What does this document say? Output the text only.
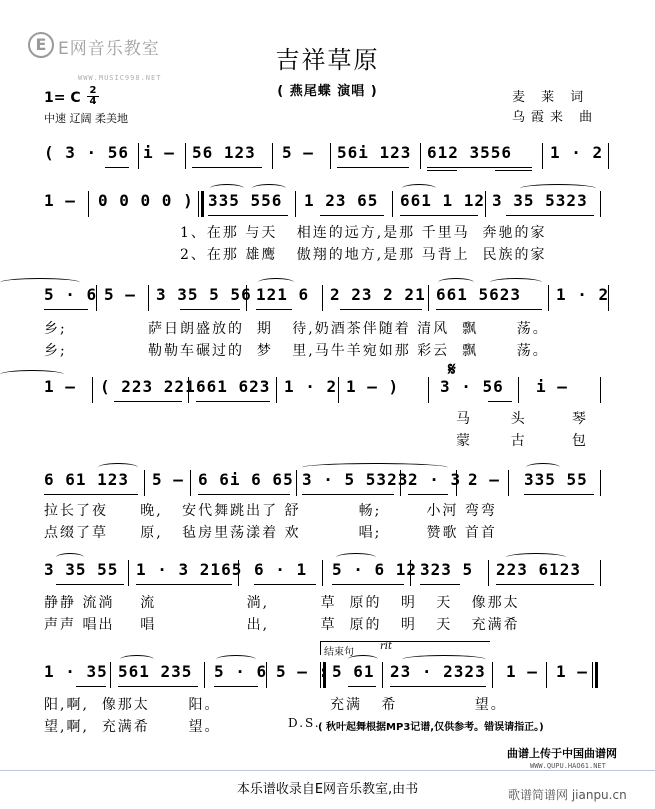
E E网音乐教室
WWW.MUSIC998.NET
吉祥草原
( 燕尾蝶 演唱 )
1= C 2
4
中速 辽阔 柔美地
麦 莱 词
乌霞来 曲
( 3 · 56 i – 56 123 5 – 56i 123 612 3556 1 · 2
1 – 0 0 0 0 ) 335 556 1 23 65 661 1 12 3 35 5323
1、在那 与天 相连的远方,是那 千里马 奔驰的家
2、在那 雄鹰 傲翔的地方,是那 马背上 民族的家
5 · 6 5 – 3 35 5 56 121 6 2 23 2 21 661 5623 1 · 2
乡;	萨日朗盛放的 期 待,奶酒茶伴随着 清风 飘	荡。
乡;	勒勒车碾过的 梦 里,马牛羊宛如那 彩云 飘	荡。
1 – ( 223 221 661 623 1 · 2 1 – )
𝄋
3 · 56 i –
马	头	琴
蒙	古	包
6 61 123 5 – 6 6i 6 65 3 · 5 5323 2 · 3 2 – 335 55
拉长了夜 晚, 安代舞跳出了 舒	畅;	小河 弯弯
点缀了草 原, 毡房里荡漾着 欢	唱;	赞歌 首首
3 35 55 1 · 3 2165 6 · 1 5 · 6 12 323 5 223 6123
静静 流淌 流	淌,	草 原的 明 天 像那太
声声 唱出 唱	出,	草 原的 明 天 充满希
结束句
rit
1 · 35 561 235 5 · 6 5 – : 5 61 23 · 2323 1 – 1 –
阳,啊, 像那太	阳。	充满 希	望。
望,啊, 充满希	望。	D.S.
( 秋叶起舞根据MP3记谱,仅供参考。错误请指正。)
本乐谱收录自E网音乐教室,由书
曲谱上传于中国曲谱网
WWW.QUPU.HAO61.NET
歌谱简谱网 jianpu.cn
